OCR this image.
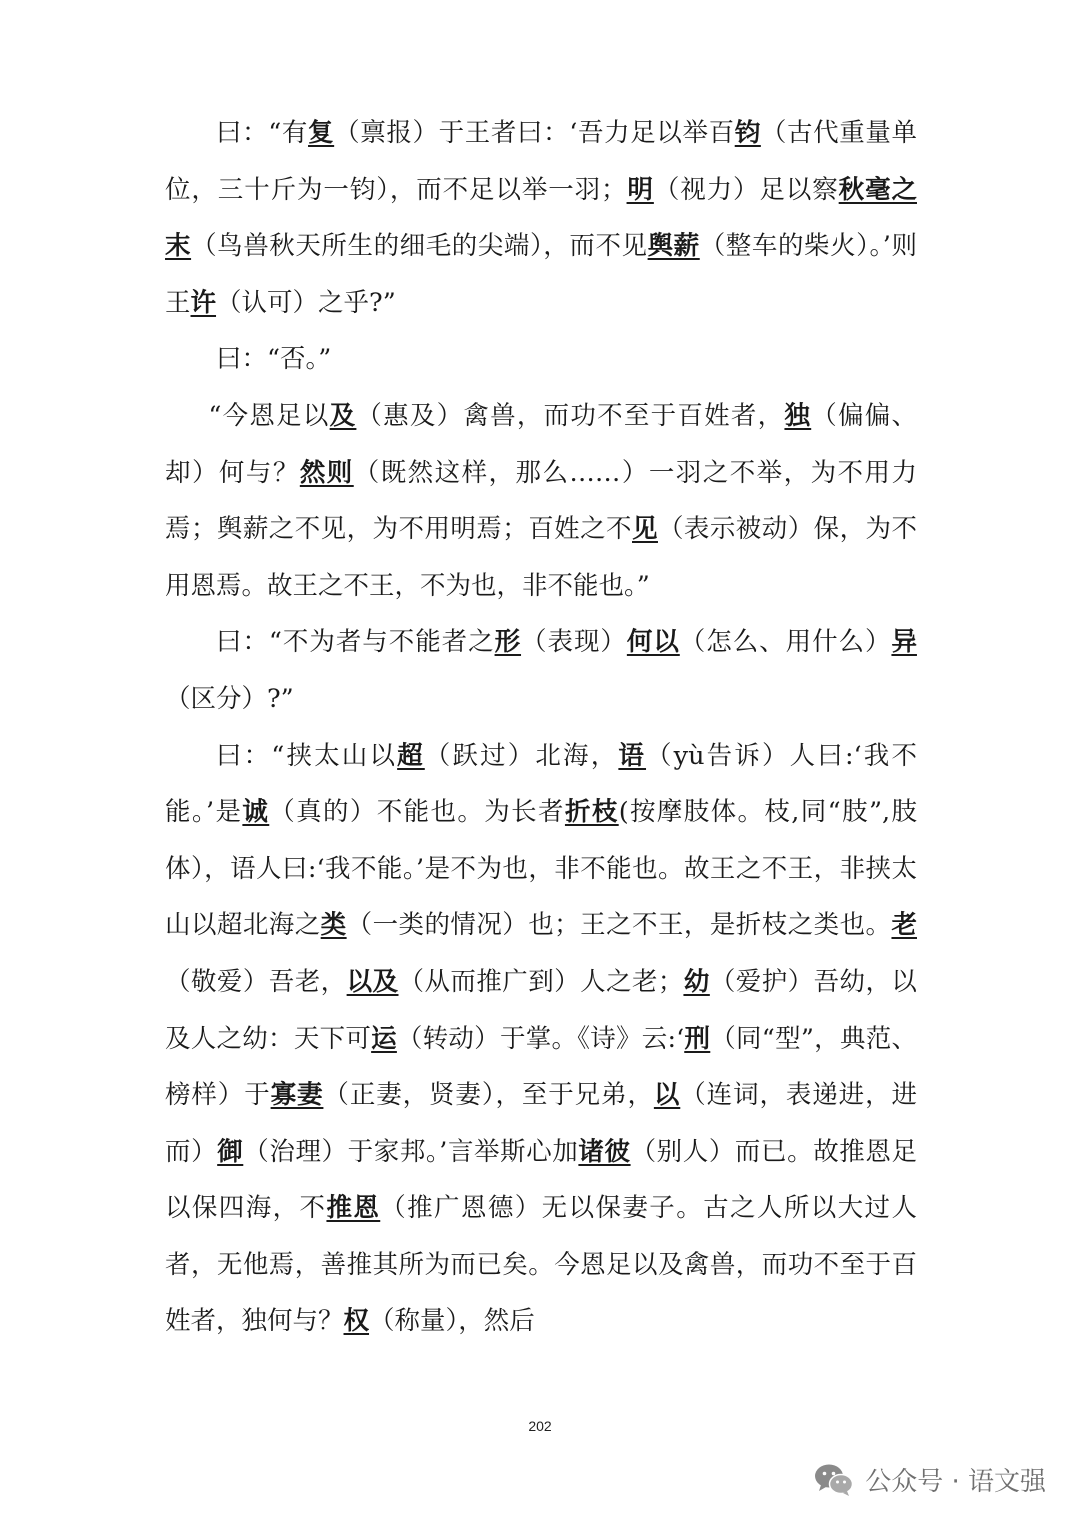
曰：“有复（禀报）于王者曰：‘吾力足以举百钧（古代重量单位，三十斤为一钧），而不足以举一羽；明（视力）足以察秋毫之末（鸟兽秋天所生的细毛的尖端），而不见舆薪（整车的柴火）。’则王许（认可）之乎?”

曰：“否。”

“今恩足以及（惠及）禽兽，而功不至于百姓者，独（偏偏、却）何与？然则（既然这样，那么……）一羽之不举，为不用力焉；舆薪之不见，为不用明焉；百姓之不见（表示被动）保，为不用恩焉。故王之不王，不为也，非不能也。”

曰：“不为者与不能者之形（表现）何以（怎么、用什么）异（区分）?”

曰：“挟太山以超（跃过）北海，语（yù告诉）人曰:‘我不能。’是诚（真的）不能也。为长者折枝(按摩肢体。枝,同“肢”,肢体），语人曰:‘我不能。’是不为也，非不能也。故王之不王，非挟太山以超北海之类（一类的情况）也；王之不王，是折枝之类也。老（敬爱）吾老，以及（从而推广到）人之老；幼（爱护）吾幼，以及人之幼：天下可运（转动）于掌。《诗》云:‘刑（同“型”，典范、榜样）于寡妻（正妻，贤妻），至于兄弟，以（连词，表递进，进而）御（治理）于家邦。’言举斯心加诸彼（别人）而已。故推恩足以保四海，不推恩（推广恩德）无以保妻子。古之人所以大过人者，无他焉，善推其所为而已矣。今恩足以及禽兽，而功不至于百姓者，独何与？权（称量），然后

202
公众号 · 语文强
